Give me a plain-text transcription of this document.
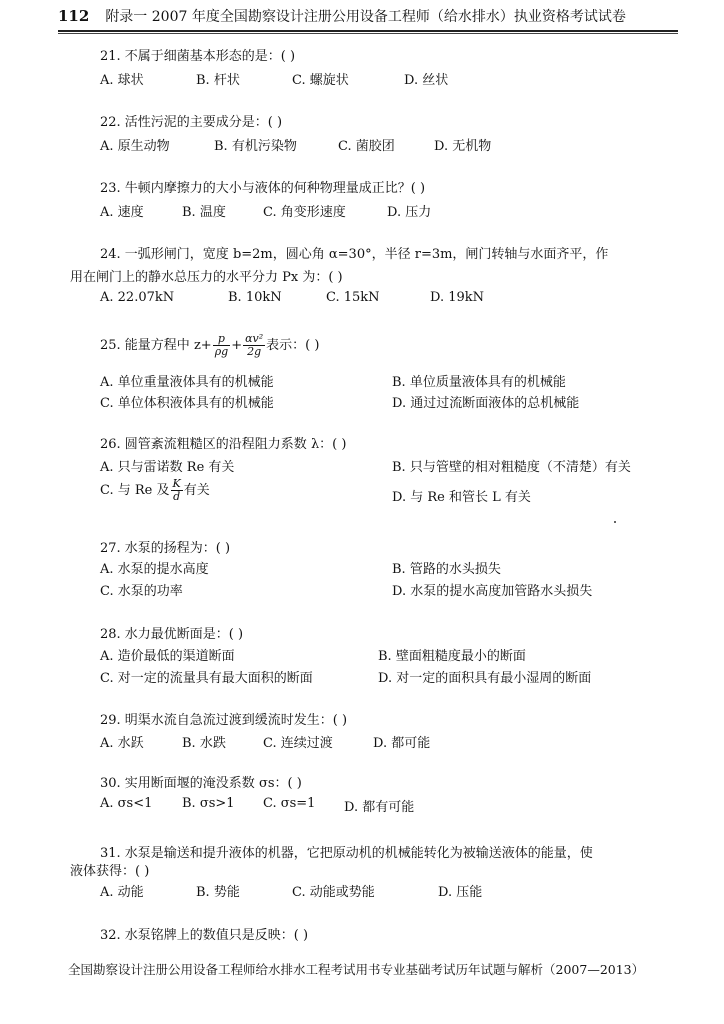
112 附录一 2007 年度全国勘察设计注册公用设备工程师（给水排水）执业资格考试试卷
21. 不属于细菌基本形态的是：( )
A. 球状	B. 杆状	C. 螺旋状	D. 丝状
22. 活性污泥的主要成分是：( )
A. 原生动物	B. 有机污染物	C. 菌胶团	D. 无机物
23. 牛顿内摩擦力的大小与液体的何种物理量成正比？( )
A. 速度	B. 温度	C. 角变形速度	D. 压力
24. 一弧形闸门，宽度 b=2m，圆心角 α=30°，半径 r=3m，闸门转轴与水面齐平，作
用在闸门上的静水总压力的水平分力 Px 为：( )
A. 22.07kN	B. 10kN	C. 15kN	D. 19kN
25. 能量方程中 $z+ \frac{p}{\rho g} + \frac{\text{αv²}}{2g}$ 表示：( )
A. 单位重量液体具有的机械能	B. 单位质量液体具有的机械能
C. 单位体积液体具有的机械能	D. 通过过流断面液体的总机械能
26. 圆管紊流粗糙区的沿程阻力系数 λ：( )
A. 只与雷诺数 Re 有关	B. 只与管壁的相对粗糙度（不清楚）有关
C. 与 Re 及 $\frac{K}{d}$ 有关	D. 与 Re 和管长 L 有关
27. 水泵的扬程为：( )
A. 水泵的提水高度	B. 管路的水头损失
C. 水泵的功率	D. 水泵的提水高度加管路水头损失
28. 水力最优断面是：( )
A. 造价最低的渠道断面	B. 壁面粗糙度最小的断面
C. 对一定的流量具有最大面积的断面	D. 对一定的面积具有最小湿周的断面
29. 明渠水流自急流过渡到缓流时发生：( )
A. 水跃	B. 水跌	C. 连续过渡	D. 都可能
30. 实用断面堰的淹没系数 σs：( )
A. σs<1 B. σs>1 C. σs=1 D. 都有可能
31. 水泵是输送和提升液体的机器，它把原动机的机械能转化为被输送液体的能量，使
液体获得：( )
A. 动能	B. 势能	C. 动能或势能	D. 压能
32. 水泵铭牌上的数值只是反映：( )
全国勘察设计注册公用设备工程师给水排水工程考试用书专业基础考试历年试题与解析（2007—2013）
